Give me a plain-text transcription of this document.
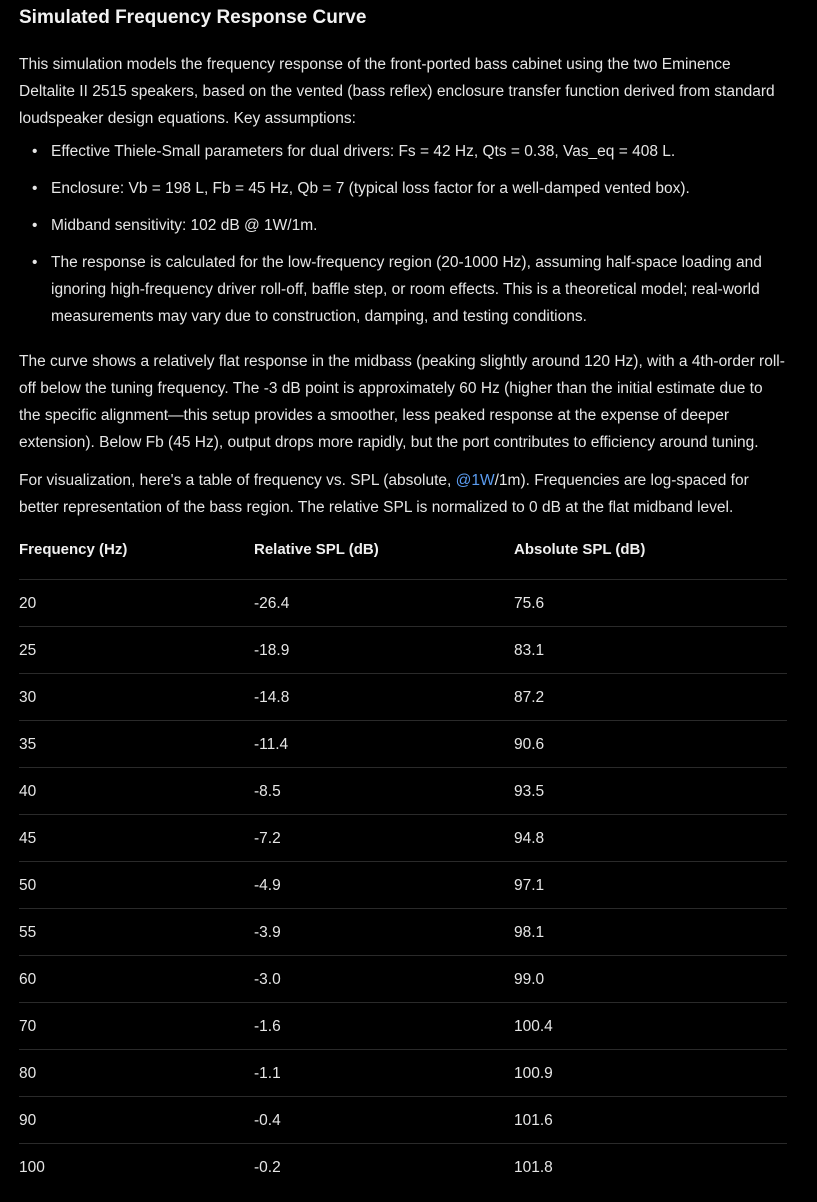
Simulated Frequency Response Curve

This simulation models the frequency response of the front-ported bass cabinet using the two Eminence Deltalite II 2515 speakers, based on the vented (bass reflex) enclosure transfer function derived from standard loudspeaker design equations. Key assumptions:

• Effective Thiele-Small parameters for dual drivers: Fs = 42 Hz, Qts = 0.38, Vas_eq = 408 L.
• Enclosure: Vb = 198 L, Fb = 45 Hz, Qb = 7 (typical loss factor for a well-damped vented box).
• Midband sensitivity: 102 dB @ 1W/1m.
• The response is calculated for the low-frequency region (20-1000 Hz), assuming half-space loading and ignoring high-frequency driver roll-off, baffle step, or room effects. This is a theoretical model; real-world measurements may vary due to construction, damping, and testing conditions.

The curve shows a relatively flat response in the midbass (peaking slightly around 120 Hz), with a 4th-order roll-off below the tuning frequency. The -3 dB point is approximately 60 Hz (higher than the initial estimate due to the specific alignment—this setup provides a smoother, less peaked response at the expense of deeper extension). Below Fb (45 Hz), output drops more rapidly, but the port contributes to efficiency around tuning.

For visualization, here's a table of frequency vs. SPL (absolute, @1W/1m). Frequencies are log-spaced for better representation of the bass region. The relative SPL is normalized to 0 dB at the flat midband level.

Frequency (Hz)	Relative SPL (dB)	Absolute SPL (dB)
20	-26.4	75.6
25	-18.9	83.1
30	-14.8	87.2
35	-11.4	90.6
40	-8.5	93.5
45	-7.2	94.8
50	-4.9	97.1
55	-3.9	98.1
60	-3.0	99.0
70	-1.6	100.4
80	-1.1	100.9
90	-0.4	101.6
100	-0.2	101.8
